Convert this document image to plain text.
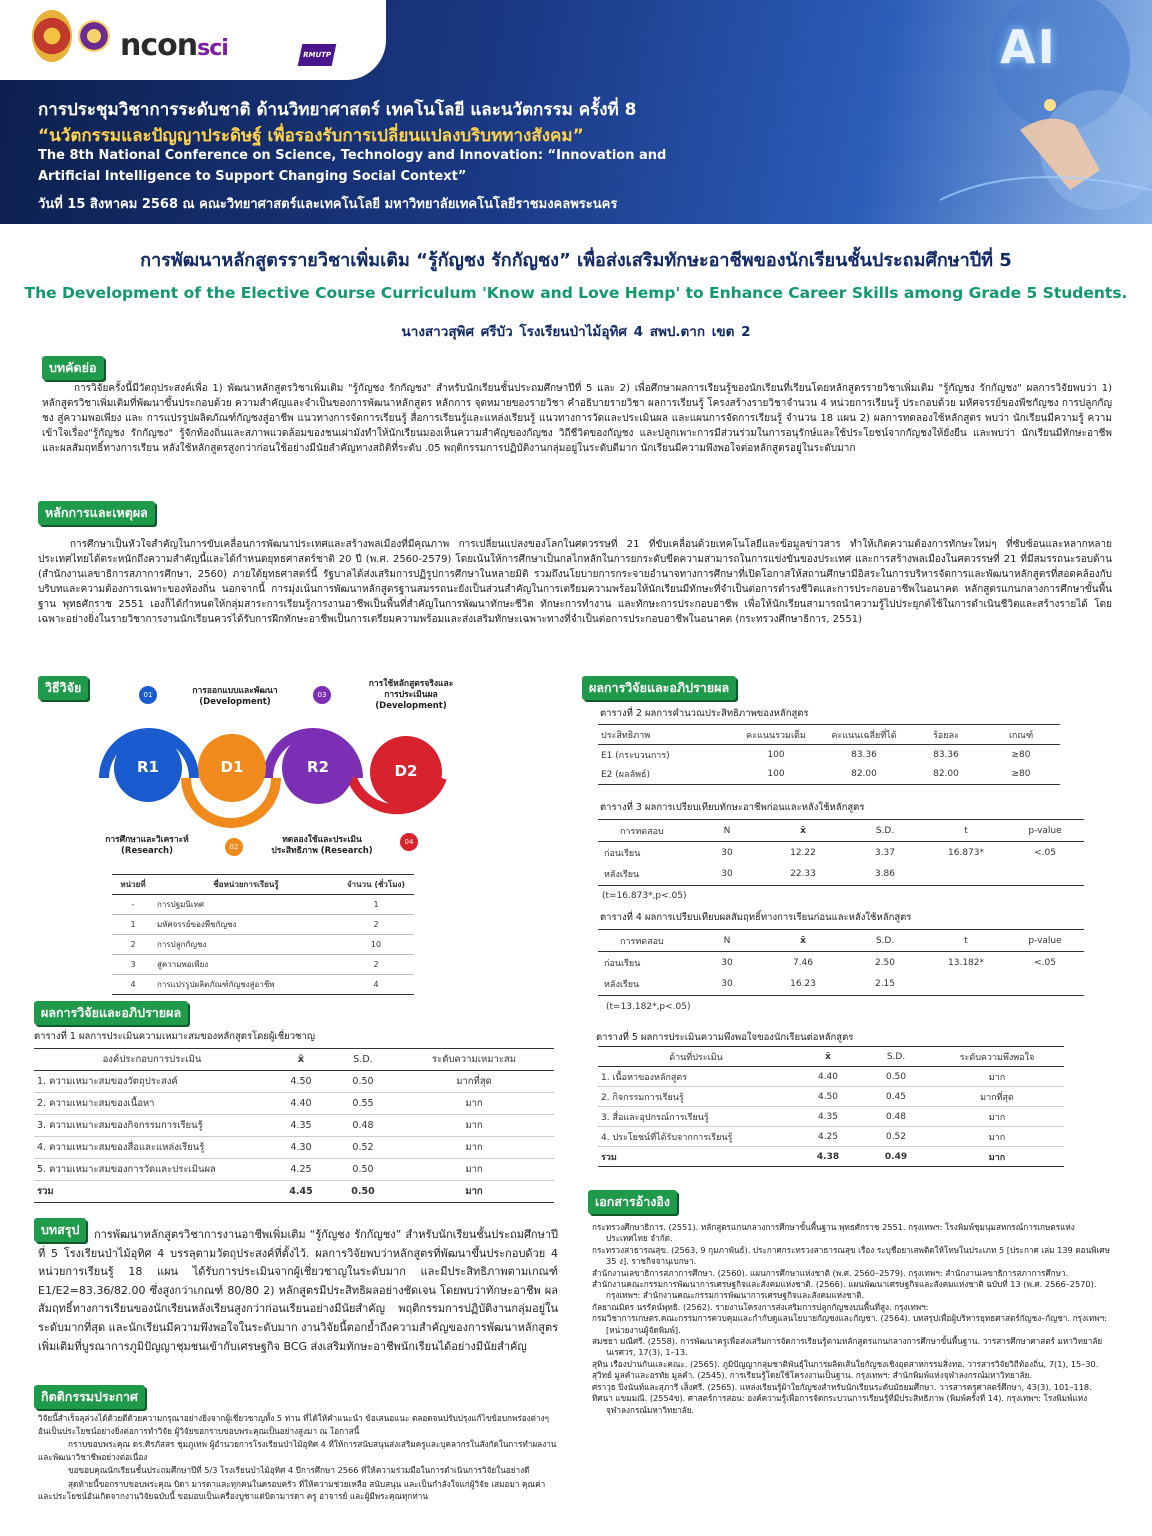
AI
nconsci	RMUTP
การประชุมวิชาการระดับชาติ ด้านวิทยาศาสตร์ เทคโนโลยี และนวัตกรรม ครั้งที่ 8
“นวัตกรรมและปัญญาประดิษฐ์ เพื่อรองรับการเปลี่ยนแปลงบริบททางสังคม”
The 8th National Conference on Science, Technology and Innovation: “Innovation and
Artificial Intelligence to Support Changing Social Context”
วันที่ 15 สิงหาคม 2568 ณ คณะวิทยาศาสตร์และเทคโนโลยี มหาวิทยาลัยเทคโนโลยีราชมงคลพระนคร
การพัฒนาหลักสูตรรายวิชาเพิ่มเติม “รู้กัญชง รักกัญชง” เพื่อส่งเสริมทักษะอาชีพของนักเรียนชั้นประถมศึกษาปีที่ 5
The Development of the Elective Course Curriculum 'Know and Love Hemp' to Enhance Career Skills among Grade 5 Students.
นางสาวสุพิศ ศรีบัว โรงเรียนป่าไม้อุทิศ 4 สพป.ตาก เขต 2
บทคัดย่อ

การวิจัยครั้งนี้มีวัตถุประสงค์เพื่อ 1) พัฒนาหลักสูตรวิชาเพิ่มเติม "รู้กัญชง รักกัญชง" สำหรับนักเรียนชั้นประถมศึกษาปีที่ 5 และ 2) เพื่อศึกษาผลการเรียนรู้ของนักเรียนที่เรียนโดยหลักสูตรรายวิชาเพิ่มเติม "รู้กัญชง รักกัญชง" ผลการวิจัยพบว่า 1) หลักสูตรวิชาเพิ่มเติมที่พัฒนาขึ้นประกอบด้วย ความสำคัญและจำเป็นของการพัฒนาหลักสูตร หลักการ จุดหมายของรายวิชา คำอธิบายรายวิชา ผลการเรียนรู้ โครงสร้างรายวิชาจำนวน 4 หน่วยการเรียนรู้ ประกอบด้วย มหัศจรรย์ของพืชกัญชง การปลูกกัญชง สู่ความพอเพียง และ การแปรรูปผลิตภัณฑ์กัญชงสู่อาชีพ แนวทางการจัดการเรียนรู้ สื่อการเรียนรู้และแหล่งเรียนรู้ แนวทางการวัดและประเมินผล และแผนการจัดการเรียนรู้ จำนวน 18 แผน 2) ผลการทดลองใช้หลักสูตร พบว่า นักเรียนมีความรู้ ความเข้าใจเรื่อง"รู้กัญชง รักกัญชง" รู้จักท้องถิ่นและสภาพแวดล้อมของชนเผ่ามังทำให้นักเรียนมองเห็นความสำคัญของกัญชง วิถีชีวิตของกัญชง และปลูกเพาะการมีส่วนร่วมในการอนุรักษ์และใช้ประโยชน์จากกัญชงให้ยั่งยืน และพบว่า นักเรียนมีทักษะอาชีพ และผลสัมฤทธิ์ทางการเรียน หลังใช้หลักสูตรสูงกว่าก่อนใช้อย่างมีนัยสำคัญทางสถิติที่ระดับ .05 พฤติกรรมการปฏิบัติงานกลุ่มอยู่ในระดับดีมาก นักเรียนมีความพึงพอใจต่อหลักสูตรอยู่ในระดับมาก

หลักการและเหตุผล

การศึกษาเป็นหัวใจสำคัญในการขับเคลื่อนการพัฒนาประเทศและสร้างพลเมืองที่มีคุณภาพ การเปลี่ยนแปลงของโลกในศตวรรษที่ 21 ที่ขับเคลื่อนด้วยเทคโนโลยีและข้อมูลข่าวสาร ทำให้เกิดความต้องการทักษะใหม่ๆ ที่ซับซ้อนและหลากหลาย ประเทศไทยได้ตระหนักถึงความสำคัญนี้และได้กำหนดยุทธศาสตร์ชาติ 20 ปี (พ.ศ. 2560-2579) โดยเน้นให้การศึกษาเป็นกลไกหลักในการยกระดับขีดความสามารถในการแข่งขันของประเทศ และการสร้างพลเมืองในศตวรรษที่ 21 ที่มีสมรรถนะรอบด้าน (สำนักงานเลขาธิการสภาการศึกษา, 2560) ภายใต้ยุทธศาสตร์นี้ รัฐบาลได้ส่งเสริมการปฏิรูปการศึกษาในหลายมิติ รวมถึงนโยบายการกระจายอำนาจทางการศึกษาที่เปิดโอกาสให้สถานศึกษามีอิสระในการบริหารจัดการและพัฒนาหลักสูตรที่สอดคล้องกับบริบทและความต้องการเฉพาะของท้องถิ่น นอกจากนี้ การมุ่งเน้นการพัฒนาหลักสูตรฐานสมรรถนะยังเป็นส่วนสำคัญในการเตรียมความพร้อมให้นักเรียนมีทักษะที่จำเป็นต่อการดำรงชีวิตและการประกอบอาชีพในอนาคต หลักสูตรแกนกลางการศึกษาขั้นพื้นฐาน พุทธศักราช 2551 เองก็ได้กำหนดให้กลุ่มสาระการเรียนรู้การงานอาชีพเป็นพื้นที่สำคัญในการพัฒนาทักษะชีวิต ทักษะการทำงาน และทักษะการประกอบอาชีพ เพื่อให้นักเรียนสามารถนำความรู้ไปประยุกต์ใช้ในการดำเนินชีวิตและสร้างรายได้ โดยเฉพาะอย่างยิ่งในรายวิชาการงานนักเรียนควรได้รับการฝึกทักษะอาชีพเป็นการเตรียมความพร้อมและส่งเสริมทักษะเฉพาะทางที่จำเป็นต่อการประกอบอาชีพในอนาคต (กระทรวงศึกษาธิการ, 2551)

วิธีวิจัย
R1	D1	R2	D2
01
02
03
04
การศึกษาและวิเคราะห์
(Research)
การออกแบบและพัฒนา
(Development)
ทดลองใช้และประเมิน
ประสิทธิภาพ (Research)
การใช้หลักสูตรจริงและ
การประเมินผล
(Development)
หน่วยที่	ชื่อหน่วยการเรียนรู้	จำนวน (ชั่วโมง)
-	การปฐมนิเทศ	1
1	มหัศจรรย์ของพืชกัญชง	2
2	การปลูกกัญชง	10
3	สู่ความพอเพียง	2
4	การแปรรูปผลิตภัณฑ์กัญชงสู่อาชีพ	4
ผลการวิจัยและอภิปรายผล
ตารางที่ 1 ผลการประเมินความเหมาะสมของหลักสูตรโดยผู้เชี่ยวชาญ
องค์ประกอบการประเมิน	x̄	S.D.	ระดับความเหมาะสม
1. ความเหมาะสมของวัตถุประสงค์	4.50	0.50	มากที่สุด
2. ความเหมาะสมของเนื้อหา	4.40	0.55	มาก
3. ความเหมาะสมของกิจกรรมการเรียนรู้	4.35	0.48	มาก
4. ความเหมาะสมของสื่อและแหล่งเรียนรู้	4.30	0.52	มาก
5. ความเหมาะสมของการวัดและประเมินผล	4.25	0.50	มาก
รวม	4.45	0.50	มาก
บทสรุป	การพัฒนาหลักสูตรวิชาการงานอาชีพเพิ่มเติม “รู้กัญชง รักกัญชง” สำหรับนักเรียนชั้นประถมศึกษาปีที่ 5 โรงเรียนป่าไม้อุทิศ 4 บรรลุตามวัตถุประสงค์ที่ตั้งไว้. ผลการวิจัยพบว่าหลักสูตรที่พัฒนาขึ้นประกอบด้วย 4 หน่วยการเรียนรู้ 18 แผน ได้รับการประเมินจากผู้เชี่ยวชาญในระดับมาก และมีประสิทธิภาพตามเกณฑ์ E1/E2=83.36/82.00 ซึ่งสูงกว่าเกณฑ์ 80/80 2) หลักสูตรมีประสิทธิผลอย่างชัดเจน โดยพบว่าทักษะอาชีพ ผลสัมฤทธิ์ทางการเรียนของนักเรียนหลังเรียนสูงกว่าก่อนเรียนอย่างมีนัยสำคัญ พฤติกรรมการปฏิบัติงานกลุ่มอยู่ในระดับมากที่สุด และนักเรียนมีความพึงพอใจในระดับมาก งานวิจัยนี้ตอกย้ำถึงความสำคัญของการพัฒนาหลักสูตรเพิ่มเติมที่บูรณาการภูมิปัญญาชุมชนเข้ากับเศรษฐกิจ BCG ส่งเสริมทักษะอาชีพนักเรียนได้อย่างมีนัยสำคัญ

กิตติกรรมประกาศ

วิจัยนี้สำเร็จลุล่วงได้ด้วยดีด้วยความกรุณาอย่างยิ่งจากผู้เชี่ยวชาญทั้ง 5 ท่าน ที่ได้ให้คำแนะนำ ข้อเสนอแนะ ตลอดจนปรับปรุงแก้ไขข้อบกพร่องต่างๆ อันเป็นประโยชน์อย่างยิ่งต่อการทำวิจัย ผู้วิจัยขอกราบขอบพระคุณเป็นอย่างสูงมา ณ โอกาสนี้

กราบขอบพระคุณ ดร.ศิรภัสสร ชุมภูเทพ ผู้อำนวยการโรงเรียนป่าไม้อุทิศ 4 ที่ให้การสนับสนุนส่งเสริมครูและบุคลากรในสังกัดในการทำผลงานและพัฒนาวิชาชีพอย่างต่อเนื่อง

ขอขอบคุณนักเรียนชั้นประถมศึกษาปีที่ 5/3 โรงเรียนป่าไม้อุทิศ 4 ปีการศึกษา 2566 ที่ให้ความร่วมมือในการดำเนินการวิจัยในอย่างดี

สุดท้ายนี้ขอกราบขอบพระคุณ บิดา มารดาและทุกคนในครอบครัว ที่ให้ความช่วยเหลือ สนับสนุน และเป็นกำลังใจแก่ผู้วิจัย เสมอมา คุณค่าและประโยชน์อันเกิดจากงานวิจัยฉบับนี้ ขอมอบเป็นเครื่องบูชาแด่บิดามารดา ครู อาจารย์ และผู้มีพระคุณทุกท่าน

ผลการวิจัยและอภิปรายผล
ตารางที่ 2 ผลการคำนวณประสิทธิภาพของหลักสูตร
ประสิทธิภาพ	คะแนนรวมเต็ม	คะแนนเฉลี่ยที่ได้	ร้อยละ	เกณฑ์
E1 (กระบวนการ)	100	83.36	83.36	≥80
E2 (ผลลัพธ์)	100	82.00	82.00	≥80
ตารางที่ 3 ผลการเปรียบเทียบทักษะอาชีพก่อนและหลังใช้หลักสูตร
การทดสอบ	N	x̄	S.D.	t	p-value
ก่อนเรียน	30	12.22	3.37	16.873*	<.05
หลังเรียน	30	22.33	3.86		
(t=16.873*,p<.05)
ตารางที่ 4 ผลการเปรียบเทียบผลสัมฤทธิ์ทางการเรียนก่อนและหลังใช้หลักสูตร
การทดสอบ	N	x̄	S.D.	t	p-value
ก่อนเรียน	30	7.46	2.50	13.182*	<.05
หลังเรียน	30	16.23	2.15		
(t=13.182*,p<.05)
ตารางที่ 5 ผลการประเมินความพึงพอใจของนักเรียนต่อหลักสูตร
ด้านที่ประเมิน	x̄	S.D.	ระดับความพึงพอใจ
1. เนื้อหาของหลักสูตร	4.40	0.50	มาก
2. กิจกรรมการเรียนรู้	4.50	0.45	มากที่สุด
3. สื่อและอุปกรณ์การเรียนรู้	4.35	0.48	มาก
4. ประโยชน์ที่ได้รับจากการเรียนรู้	4.25	0.52	มาก
รวม	4.38	0.49	มาก
เอกสารอ้างอิง
กระทรวงศึกษาธิการ. (2551). หลักสูตรแกนกลางการศึกษาขั้นพื้นฐาน พุทธศักราช 2551. กรุงเทพฯ: โรงพิมพ์ชุมนุมสหกรณ์การเกษตรแห่งประเทศไทย จำกัด.
กระทรวงสาธารณสุข. (2563, 9 กุมภาพันธ์). ประกาศกระทรวงสาธารณสุข เรื่อง ระบุชื่อยาเสพติดให้โทษในประเภท 5 [ประกาศ เล่ม 139 ตอนพิเศษ 35 ง]. ราชกิจจานุเบกษา.
สำนักงานเลขาธิการสภาการศึกษา. (2560). แผนการศึกษาแห่งชาติ (พ.ศ. 2560–2579). กรุงเทพฯ: สำนักงานเลขาธิการสภาการศึกษา.
สำนักงานคณะกรรมการพัฒนาการเศรษฐกิจและสังคมแห่งชาติ. (2566). แผนพัฒนาเศรษฐกิจและสังคมแห่งชาติ ฉบับที่ 13 (พ.ศ. 2566–2570). กรุงเทพฯ: สำนักงานคณะกรรมการพัฒนาการเศรษฐกิจและสังคมแห่งชาติ.
กัลยาณมิตร นรรัตน์พุทธิ. (2562). รายงานโครงการส่งเสริมการปลูกกัญชงบนพื้นที่สูง. กรุงเทพฯ:
กรมวิชาการเกษตร.คณะกรรมการควบคุมและกำกับดูแลนโยบายกัญชงและกัญชา. (2564). บทสรุปเพื่อผู้บริหารยุทธศาสตร์กัญชง–กัญชา. กรุงเทพฯ: [หน่วยงานผู้จัดพิมพ์].
สมชยา มณีศรี. (2558). การพัฒนาครูเพื่อส่งเสริมการจัดการเรียนรู้ตามหลักสูตรแกนกลางการศึกษาขั้นพื้นฐาน. วารสารศึกษาศาสตร์ มหาวิทยาลัยนเรศวร, 17(3), 1–13.
สุทิน เรืองปานกันและคณะ. (2565). ภูมิปัญญากลุ่มชาติพันธุ์ในการผลิตเส้นใยกัญชงเชิงอุตสาหกรรมสิ่งทอ. วารสารวิจัยวิถีท้องถิ่น, 7(1), 15–30.
สุวิทย์ มูลคำและอรทัย มูลคำ. (2545). การเรียนรู้โดยใช้โครงงานเป็นฐาน. กรุงเทพฯ: สำนักพิมพ์แห่งจุฬาลงกรณ์มหาวิทยาลัย.
ศราวุธ ปิ่งนันท์และสุภารี เส็งศรี. (2565). แหล่งเรียนรู้ผ้าใยกัญชงสำหรับนักเรียนระดับมัธยมศึกษา. วารสารครุศาสตร์ศึกษา, 43(3), 101–118.
ทิศนา แขมมณี. (2554ข). ศาสตร์การสอน: องค์ความรู้เพื่อการจัดกระบวนการเรียนรู้ที่มีประสิทธิภาพ (พิมพ์ครั้งที่ 14). กรุงเทพฯ: โรงพิมพ์แห่งจุฬาลงกรณ์มหาวิทยาลัย.
